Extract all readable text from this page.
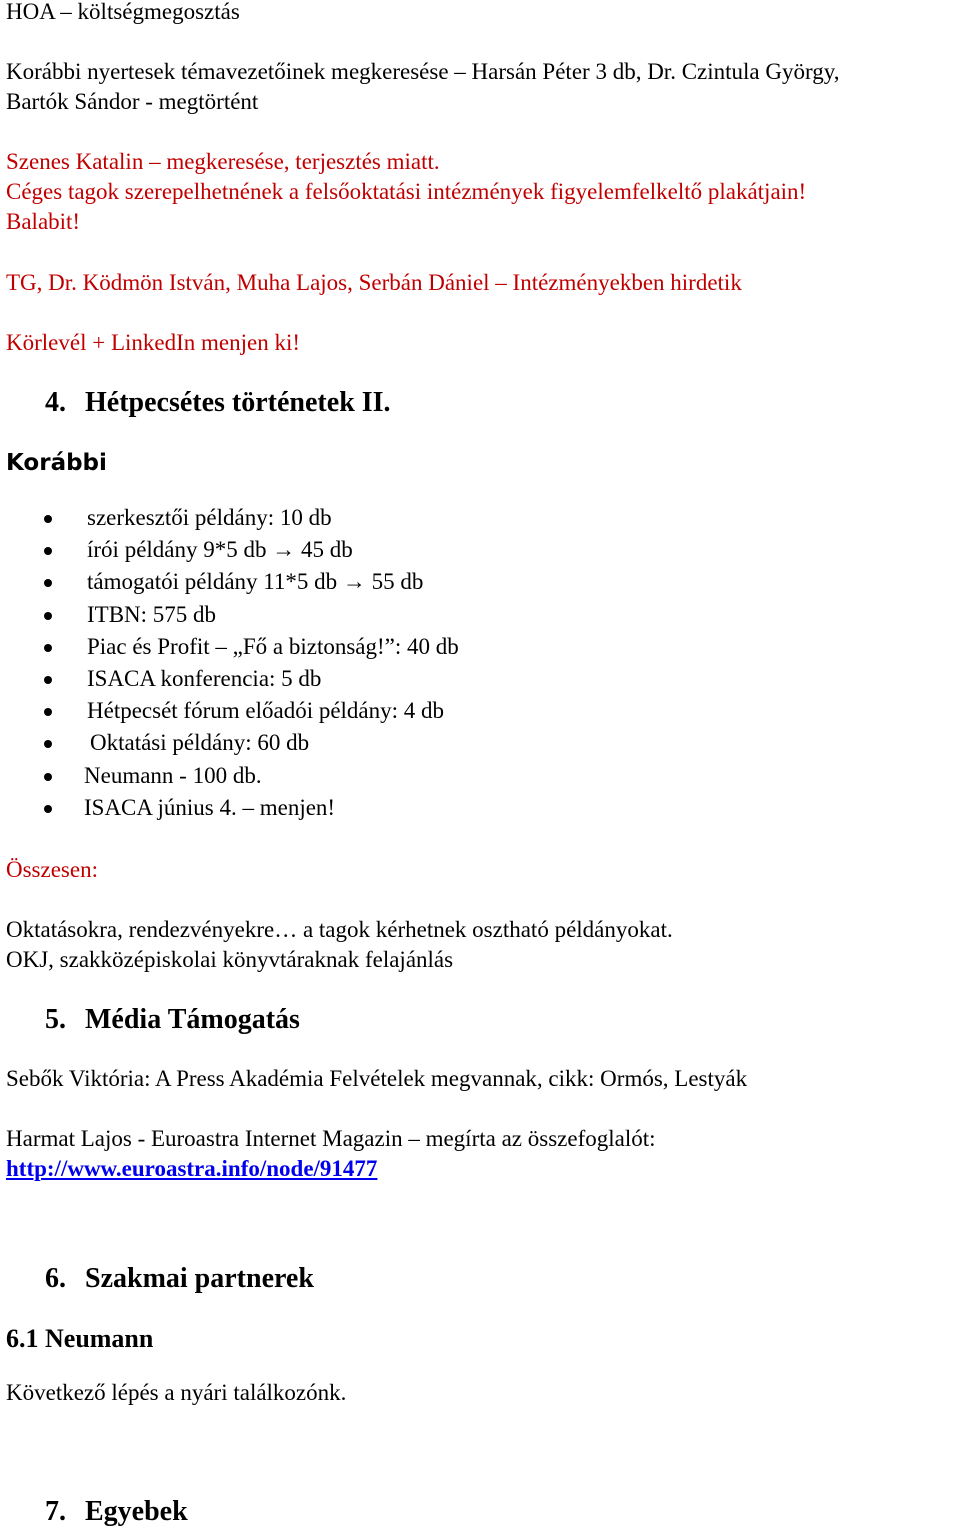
HOA – költségmegosztás
Korábbi nyertesek témavezetőinek megkeresése – Harsán Péter 3 db, Dr. Czintula György,
Bartók Sándor - megtörtént
Szenes Katalin – megkeresése, terjesztés miatt.
Céges tagok szerepelhetnének a felsőoktatási intézmények figyelemfelkeltő plakátjain!
Balabit!
TG, Dr. Ködmön István, Muha Lajos, Serbán Dániel – Intézményekben hirdetik
Körlevél + LinkedIn menjen ki!
4. Hétpecsétes történetek II.
Korábbi
szerkesztői példány: 10 db
írói példány 9*5 db → 45 db
támogatói példány 11*5 db → 55 db
ITBN: 575 db
Piac és Profit – „Fő a biztonság!”: 40 db
ISACA konferencia: 5 db
Hétpecsét fórum előadói példány: 4 db
Oktatási példány: 60 db
Neumann - 100 db.
ISACA június 4. – menjen!
Összesen:
Oktatásokra, rendezvényekre… a tagok kérhetnek osztható példányokat.
OKJ, szakközépiskolai könyvtáraknak felajánlás
5. Média Támogatás
Sebők Viktória: A Press Akadémia Felvételek megvannak, cikk: Ormós, Lestyák
Harmat Lajos - Euroastra Internet Magazin – megírta az összefoglalót:
http://www.euroastra.info/node/91477
6. Szakmai partnerek
6.1 Neumann
Következő lépés a nyári találkozónk.
7. Egyebek
